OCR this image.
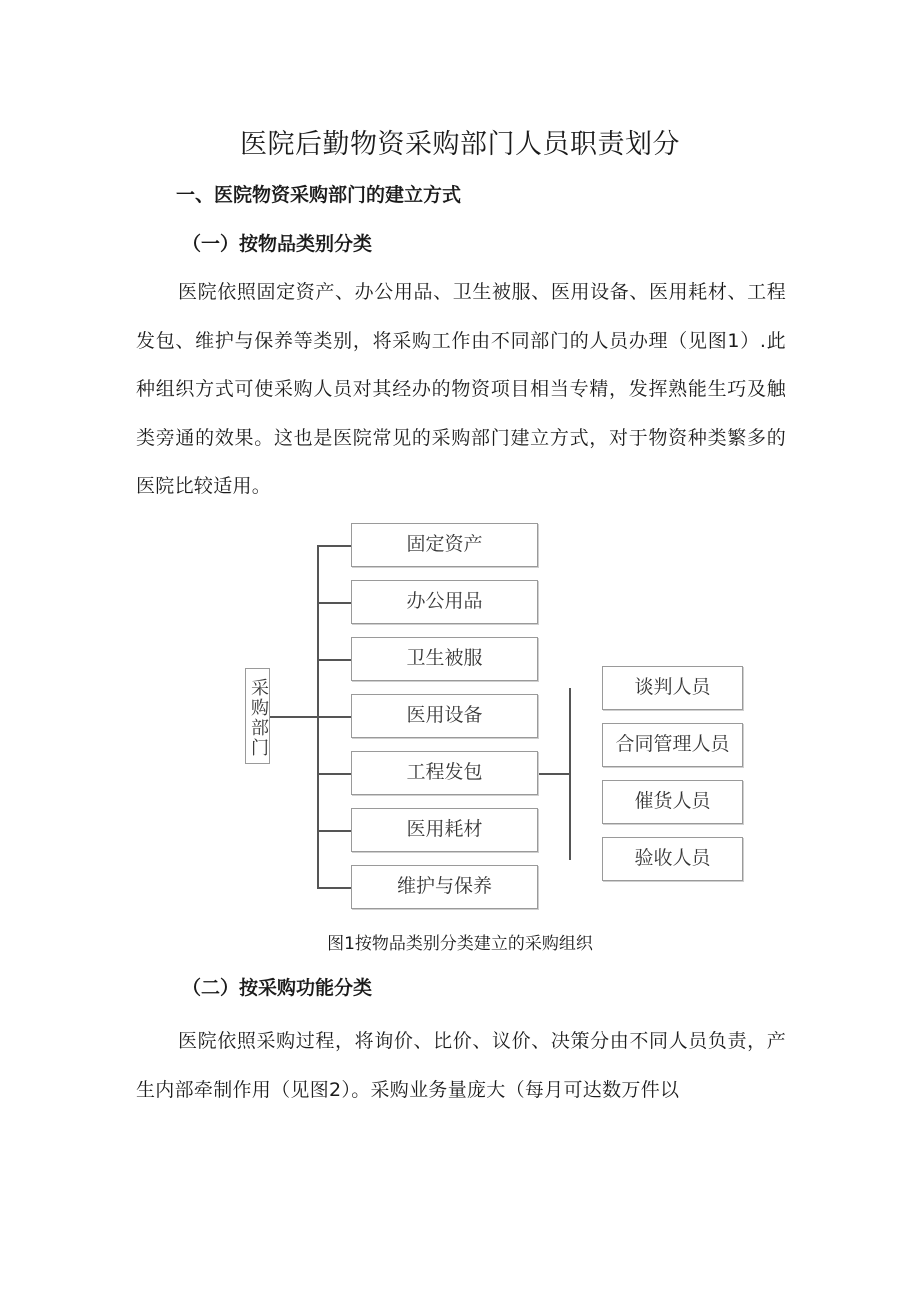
医院后勤物资采购部门人员职责划分
一、医院物资采购部门的建立方式
（一）按物品类别分类

医院依照固定资产、办公用品、卫生被服、医用设备、医用耗材、工程发包、维护与保养等类别，将采购工作由不同部门的人员办理（见图1）.此种组织方式可使采购人员对其经办的物资项目相当专精，发挥熟能生巧及触类旁通的效果。这也是医院常见的采购部门建立方式，对于物资种类繁多的医院比较适用。

采购部门
固定资产
办公用品
卫生被服
医用设备
工程发包
医用耗材
维护与保养
谈判人员
合同管理人员
催货人员
验收人员
图1按物品类别分类建立的采购组织
（二）按采购功能分类

医院依照采购过程，将询价、比价、议价、决策分由不同人员负责，产生内部牵制作用（见图2）。采购业务量庞大（每月可达数万件以
